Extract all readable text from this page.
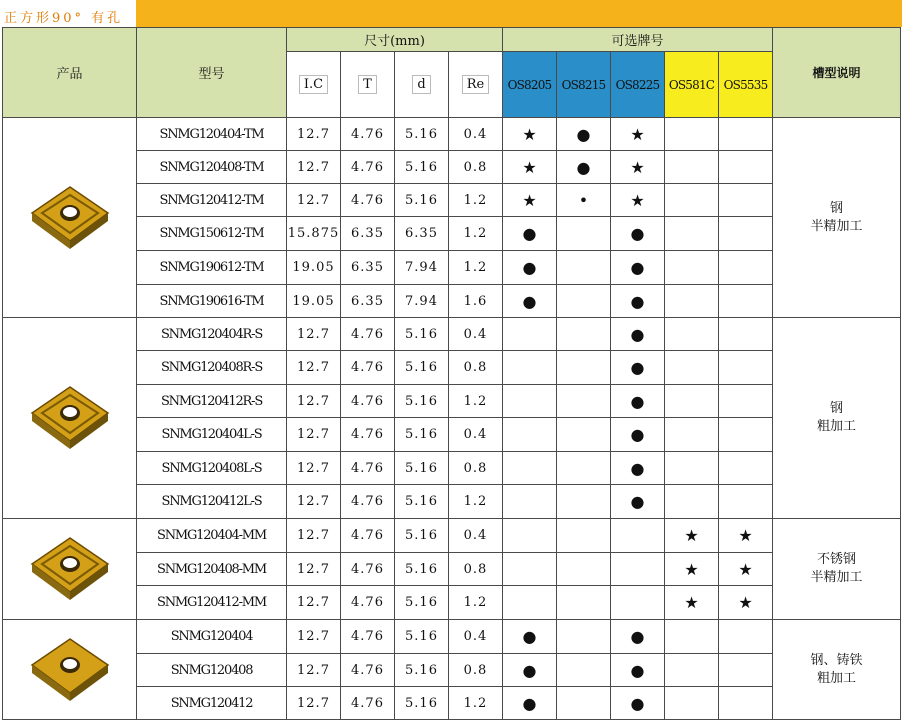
正方形90° 有孔
产品	型号	尺寸(mm)				可选牌号					槽型说明
		I.C	T	d	Re	OS8205	OS8215	OS8225	OS581C	OS5535	

	SNMG120404-TM	12.7	4.76	5.16	0.4	★	●	★			钢
半精加工
	SNMG120408-TM	12.7	4.76	5.16	0.8	★	●	★			
	SNMG120412-TM	12.7	4.76	5.16	1.2	★	•	★			
	SNMG150612-TM	15.875	6.35	6.35	1.2	●		●			
	SNMG190612-TM	19.05	6.35	7.94	1.2	●		●			
	SNMG190616-TM	19.05	6.35	7.94	1.6	●		●			

	SNMG120404R-S	12.7	4.76	5.16	0.4			●			钢
粗加工
	SNMG120408R-S	12.7	4.76	5.16	0.8			●			
	SNMG120412R-S	12.7	4.76	5.16	1.2			●			
	SNMG120404L-S	12.7	4.76	5.16	0.4			●			
	SNMG120408L-S	12.7	4.76	5.16	0.8			●			
	SNMG120412L-S	12.7	4.76	5.16	1.2			●			

	SNMG120404-MM	12.7	4.76	5.16	0.4				★	★	不锈钢
半精加工
	SNMG120408-MM	12.7	4.76	5.16	0.8				★	★	
	SNMG120412-MM	12.7	4.76	5.16	1.2				★	★	

	SNMG120404	12.7	4.76	5.16	0.4	●		●			钢、铸铁
粗加工
	SNMG120408	12.7	4.76	5.16	0.8	●		●			
	SNMG120412	12.7	4.76	5.16	1.2	●		●			
